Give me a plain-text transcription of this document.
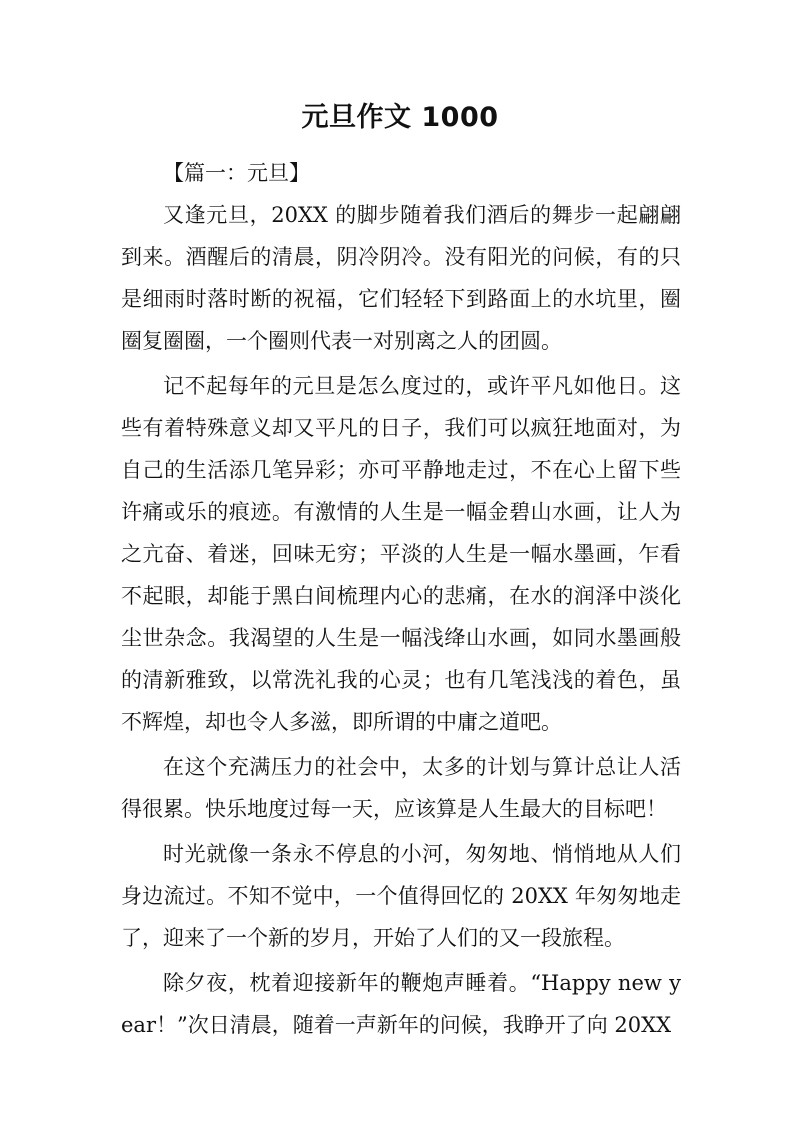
元旦作文 1000
【篇一：元旦】

又逢元旦，20XX 的脚步随着我们酒后的舞步一起翩翩到来。酒醒后的清晨，阴冷阴冷。没有阳光的问候，有的只是细雨时落时断的祝福，它们轻轻下到路面上的水坑里，圈圈复圈圈，一个圈则代表一对别离之人的团圆。

记不起每年的元旦是怎么度过的，或许平凡如他日。这些有着特殊意义却又平凡的日子，我们可以疯狂地面对，为自己的生活添几笔异彩；亦可平静地走过，不在心上留下些许痛或乐的痕迹。有激情的人生是一幅金碧山水画，让人为之亢奋、着迷，回味无穷；平淡的人生是一幅水墨画，乍看不起眼，却能于黑白间梳理内心的悲痛，在水的润泽中淡化尘世杂念。我渴望的人生是一幅浅绛山水画，如同水墨画般的清新雅致，以常洗礼我的心灵；也有几笔浅浅的着色，虽不辉煌，却也令人多滋，即所谓的中庸之道吧。

在这个充满压力的社会中，太多的计划与算计总让人活得很累。快乐地度过每一天，应该算是人生最大的目标吧！

时光就像一条永不停息的小河，匆匆地、悄悄地从人们身边流过。不知不觉中，一个值得回忆的 20XX 年匆匆地走了，迎来了一个新的岁月，开始了人们的又一段旅程。

除夕夜，枕着迎接新年的鞭炮声睡着。“Happy new year！”次日清晨，随着一声新年的问候，我睁开了向 20XX
